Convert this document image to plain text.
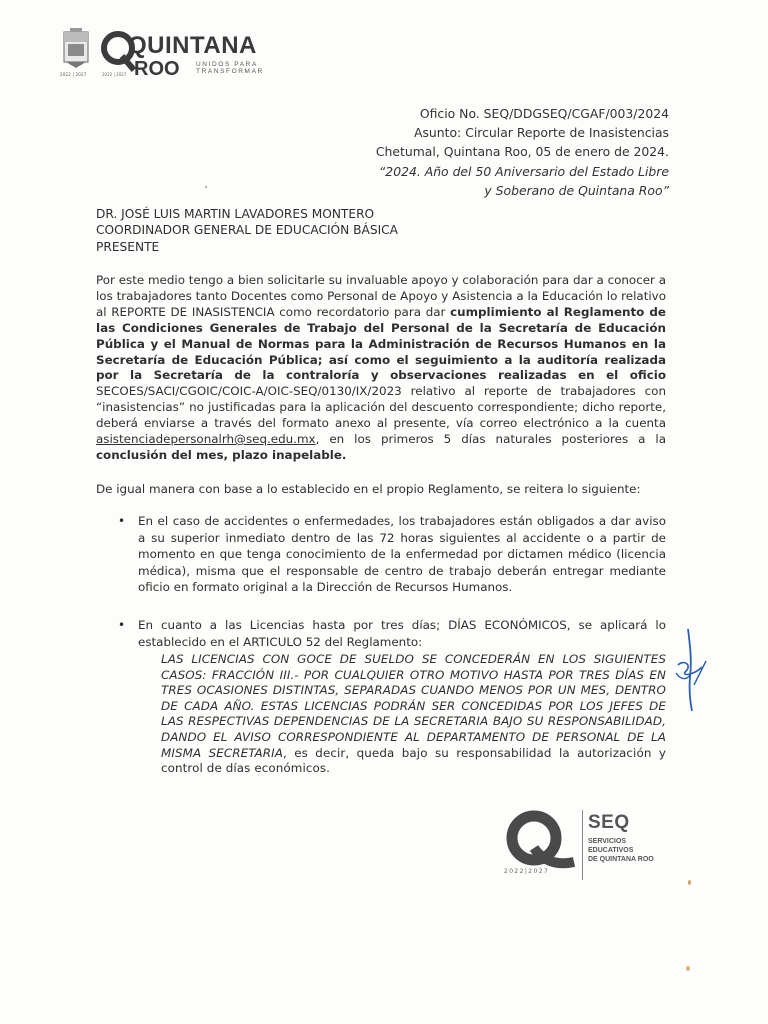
2022 | 2027
QUINTANA
ROO	UNIDOS PARA TRANSFORMAR
2022 | 2027
Oficio No. SEQ/DDGSEQ/CGAF/003/2024
Asunto: Circular Reporte de Inasistencias
Chetumal, Quintana Roo, 05 de enero de 2024.
“2024. Año del 50 Aniversario del Estado Libre
y Soberano de Quintana Roo”
DR. JOSÉ LUIS MARTIN LAVADORES MONTERO
COORDINADOR GENERAL DE EDUCACIÓN BÁSICA
PRESENTE
Por este medio tengo a bien solicitarle su invaluable apoyo y colaboración para dar a conocer a los trabajadores tanto Docentes como Personal de Apoyo y Asistencia a la Educación lo relativo al REPORTE DE INASISTENCIA como recordatorio para dar cumplimiento al Reglamento de las Condiciones Generales de Trabajo del Personal de la Secretaría de Educación Pública y el Manual de Normas para la Administración de Recursos Humanos en la Secretaría de Educación Pública; así como el seguimiento a la auditoría realizada por la Secretaría de la contraloría y observaciones realizadas en el oficio SECOES/SACI/CGOIC/COIC-A/OIC-SEQ/0130/IX/2023 relativo al reporte de trabajadores con “inasistencias” no justificadas para la aplicación del descuento correspondiente; dicho reporte, deberá enviarse a través del formato anexo al presente, vía correo electrónico a la cuenta asistenciadepersonalrh@seq.edu.mx, en los primeros 5 días naturales posteriores a la conclusión del mes, plazo inapelable.
De igual manera con base a lo establecido en el propio Reglamento, se reitera lo siguiente:
• En el caso de accidentes o enfermedades, los trabajadores están obligados a dar aviso a su superior inmediato dentro de las 72 horas siguientes al accidente o a partir de momento en que tenga conocimiento de la enfermedad por dictamen médico (licencia médica), misma que el responsable de centro de trabajo deberán entregar mediante oficio en formato original a la Dirección de Recursos Humanos.
• En cuanto a las Licencias hasta por tres días; DÍAS ECONÓMICOS, se aplicará lo establecido en el ARTICULO 52 del Reglamento:
LAS LICENCIAS CON GOCE DE SUELDO SE CONCEDERÁN EN LOS SIGUIENTES CASOS: FRACCIÓN III.- POR CUALQUIER OTRO MOTIVO HASTA POR TRES DÍAS EN TRES OCASIONES DISTINTAS, SEPARADAS CUANDO MENOS POR UN MES, DENTRO DE CADA AÑO. ESTAS LICENCIAS PODRÁN SER CONCEDIDAS POR LOS JEFES DE LAS RESPECTIVAS DEPENDENCIAS DE LA SECRETARIA BAJO SU RESPONSABILIDAD, DANDO EL AVISO CORRESPONDIENTE AL DEPARTAMENTO DE PERSONAL DE LA MISMA SECRETARIA, es decir, queda bajo su responsabilidad la autorización y control de días económicos.
2022|2027
SEQ
SERVICIOS
EDUCATIVOS
DE QUINTANA ROO
